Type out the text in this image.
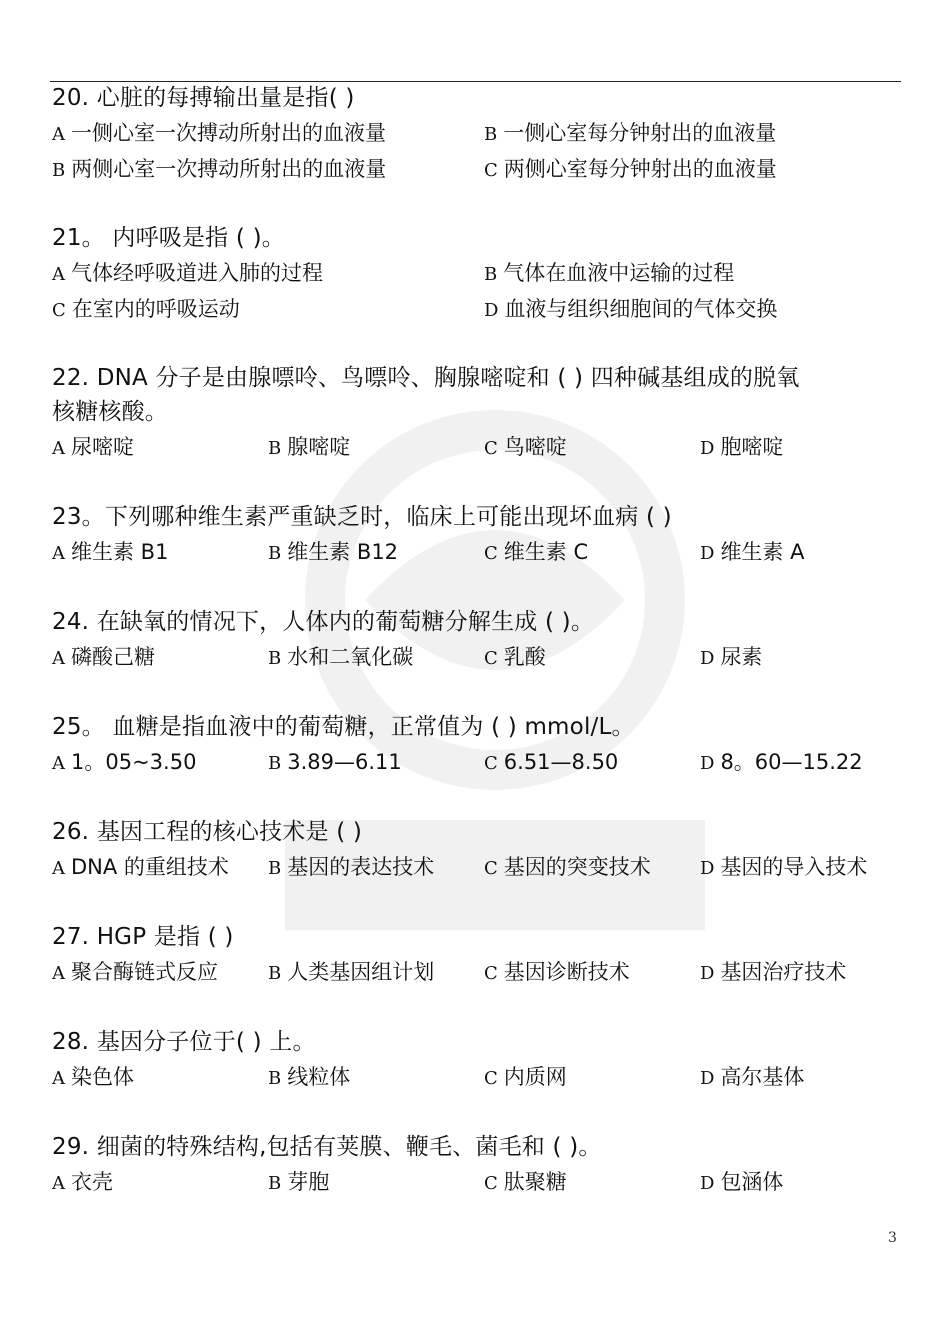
20. 心脏的每搏输出量是指( )
A 一侧心室一次搏动所射出的血液量	B 一侧心室每分钟射出的血液量
B 两侧心室一次搏动所射出的血液量	C 两侧心室每分钟射出的血液量
21。 内呼吸是指 ( )。
A 气体经呼吸道进入肺的过程	B 气体在血液中运输的过程
C 在室内的呼吸运动	D 血液与组织细胞间的气体交换
22. DNA 分子是由腺嘌呤、鸟嘌呤、胸腺嘧啶和 ( ) 四种碱基组成的脱氧
核糖核酸。
A 尿嘧啶	B 腺嘧啶	C 鸟嘧啶	D 胞嘧啶
23。下列哪种维生素严重缺乏时，临床上可能出现坏血病 ( )
A 维生素 B1	B 维生素 B12	C 维生素 C	D 维生素 A
24. 在缺氧的情况下，人体内的葡萄糖分解生成 ( )。
A 磷酸己糖	B 水和二氧化碳	C 乳酸	D 尿素
25。 血糖是指血液中的葡萄糖，正常值为 ( ) mmol/L。
A 1。05~3.50	B 3.89—6.11	C 6.51—8.50	D 8。60—15.22
26. 基因工程的核心技术是 ( )
A DNA 的重组技术 B 基因的表达技术	C 基因的突变技术	D 基因的导入技术
27. HGP 是指 ( )
A 聚合酶链式反应	B 人类基因组计划	C 基因诊断技术	D 基因治疗技术
28. 基因分子位于( ) 上。
A 染色体	B 线粒体	C 内质网	D 高尔基体
29. 细菌的特殊结构,包括有荚膜、鞭毛、菌毛和 ( )。
A 衣壳	B 芽胞	C 肽聚糖	D 包涵体
3
